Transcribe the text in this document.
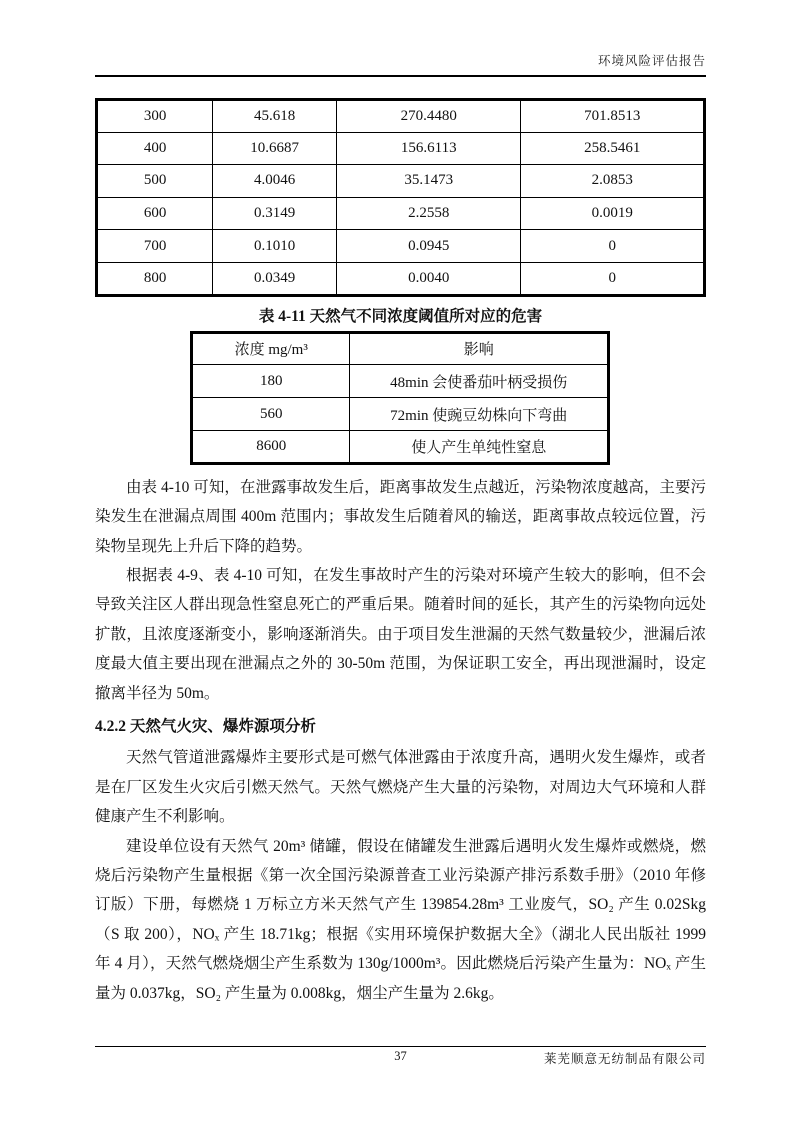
环境风险评估报告
300	45.618	270.4480	701.8513
400	10.6687	156.6113	258.5461
500	4.0046	35.1473	2.0853
600	0.3149	2.2558	0.0019
700	0.1010	0.0945	0
800	0.0349	0.0040	0
表 4-11 天然气不同浓度阈值所对应的危害
浓度 mg/m³	影响
180	48min 会使番茄叶柄受损伤
560	72min 使豌豆幼株向下弯曲
8600	使人产生单纯性窒息

由表 4-10 可知，在泄露事故发生后，距离事故发生点越近，污染物浓度越高，主要污染发生在泄漏点周围 400m 范围内；事故发生后随着风的输送，距离事故点较远位置，污染物呈现先上升后下降的趋势。

根据表 4-9、表 4-10 可知，在发生事故时产生的污染对环境产生较大的影响，但不会导致关注区人群出现急性窒息死亡的严重后果。随着时间的延长，其产生的污染物向远处扩散，且浓度逐渐变小，影响逐渐消失。由于项目发生泄漏的天然气数量较少，泄漏后浓度最大值主要出现在泄漏点之外的 30-50m 范围，为保证职工安全，再出现泄漏时，设定撤离半径为 50m。

4.2.2 天然气火灾、爆炸源项分析

天然气管道泄露爆炸主要形式是可燃气体泄露由于浓度升高，遇明火发生爆炸，或者是在厂区发生火灾后引燃天然气。天然气燃烧产生大量的污染物，对周边大气环境和人群健康产生不利影响。

建设单位设有天然气 20m³ 储罐，假设在储罐发生泄露后遇明火发生爆炸或燃烧，燃烧后污染物产生量根据《第一次全国污染源普查工业污染源产排污系数手册》（2010 年修订版）下册，每燃烧 1 万标立方米天然气产生 139854.28m³ 工业废气，SO₂ 产生 0.02Skg（S 取 200），NOₓ 产生 18.71kg；根据《实用环境保护数据大全》（湖北人民出版社 1999 年 4 月），天然气燃烧烟尘产生系数为 130g/1000m³。因此燃烧后污染产生量为：NOₓ 产生量为 0.037kg，SO₂ 产生量为 0.008kg，烟尘产生量为 2.6kg。

37	莱芜顺意无纺制品有限公司
